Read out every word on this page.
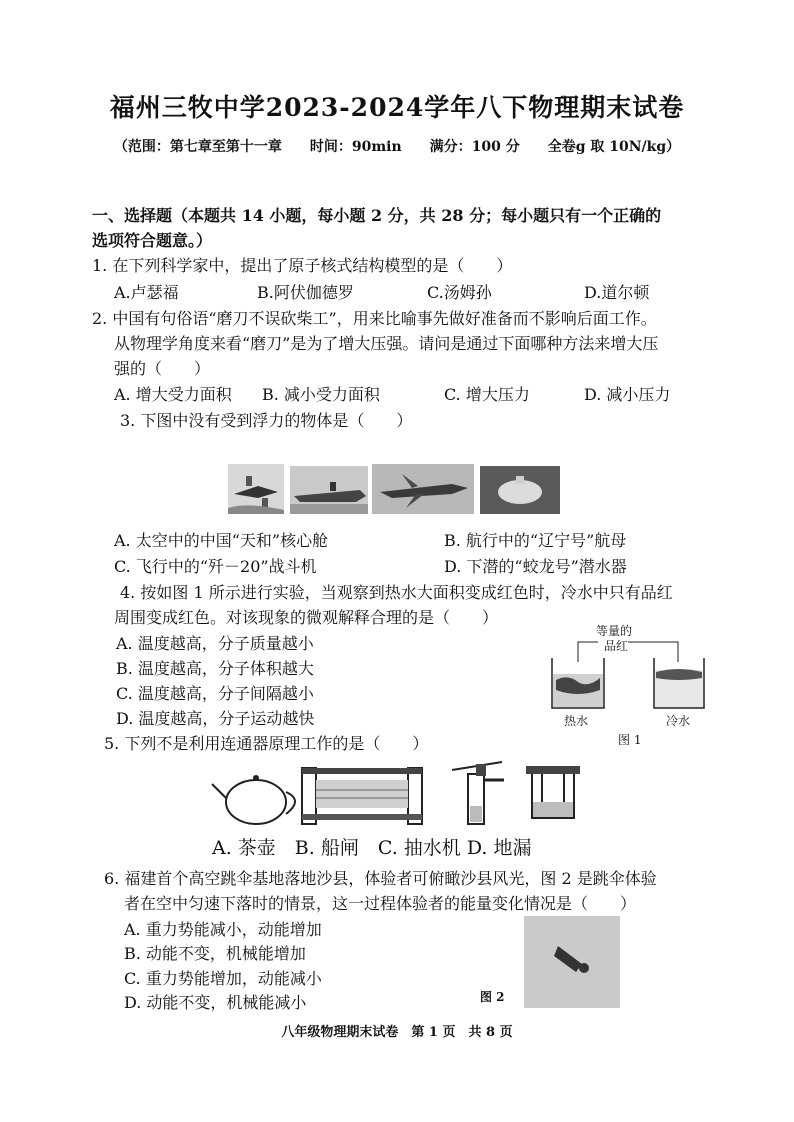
福州三牧中学2023-2024学年八下物理期末试卷
（范围：第七章至第十一章　　时间：90min　　满分：100 分　　全卷g 取 10N/kg）
一、选择题（本题共 14 小题，每小题 2 分，共 28 分；每小题只有一个正确的
选项符合题意。）
1. 在下列科学家中，提出了原子核式结构模型的是（　　）
A.卢瑟福	B.阿伏伽德罗	C.汤姆孙	D.道尔顿
2. 中国有句俗语“磨刀不误砍柴工”，用来比喻事先做好准备而不影响后面工作。
从物理学角度来看“磨刀”是为了增大压强。请问是通过下面哪种方法来增大压
强的（　　）
A. 增大受力面积 B. 减小受力面积	C. 增大压力	D. 减小压力
3. 下图中没有受到浮力的物体是（　　）
A. 太空中的中国“天和”核心舱	B. 航行中的“辽宁号”航母
C. 飞行中的“歼－20”战斗机	D. 下潜的“蛟龙号”潜水器
4. 按如图 1 所示进行实验，当观察到热水大面积变成红色时，冷水中只有品红
周围变成红色。对该现象的微观解释合理的是（　　）
A. 温度越高，分子质量越小
B. 温度越高，分子体积越大
C. 温度越高，分子间隔越小
D. 温度越高，分子运动越快
等量的
品红
热水	冷水
图 1
5. 下列不是利用连通器原理工作的是（　　）
A. 茶壶　B. 船闸　C. 抽水机 D. 地漏
6. 福建首个高空跳伞基地落地沙县，体验者可俯瞰沙县风光，图 2 是跳伞体验
者在空中匀速下落时的情景，这一过程体验者的能量变化情况是（　　）
A. 重力势能减小，动能增加
B. 动能不变，机械能增加
C. 重力势能增加，动能减小
D. 动能不变，机械能减小	图 2
八年级物理期末试卷　第 1 页　共 8 页
